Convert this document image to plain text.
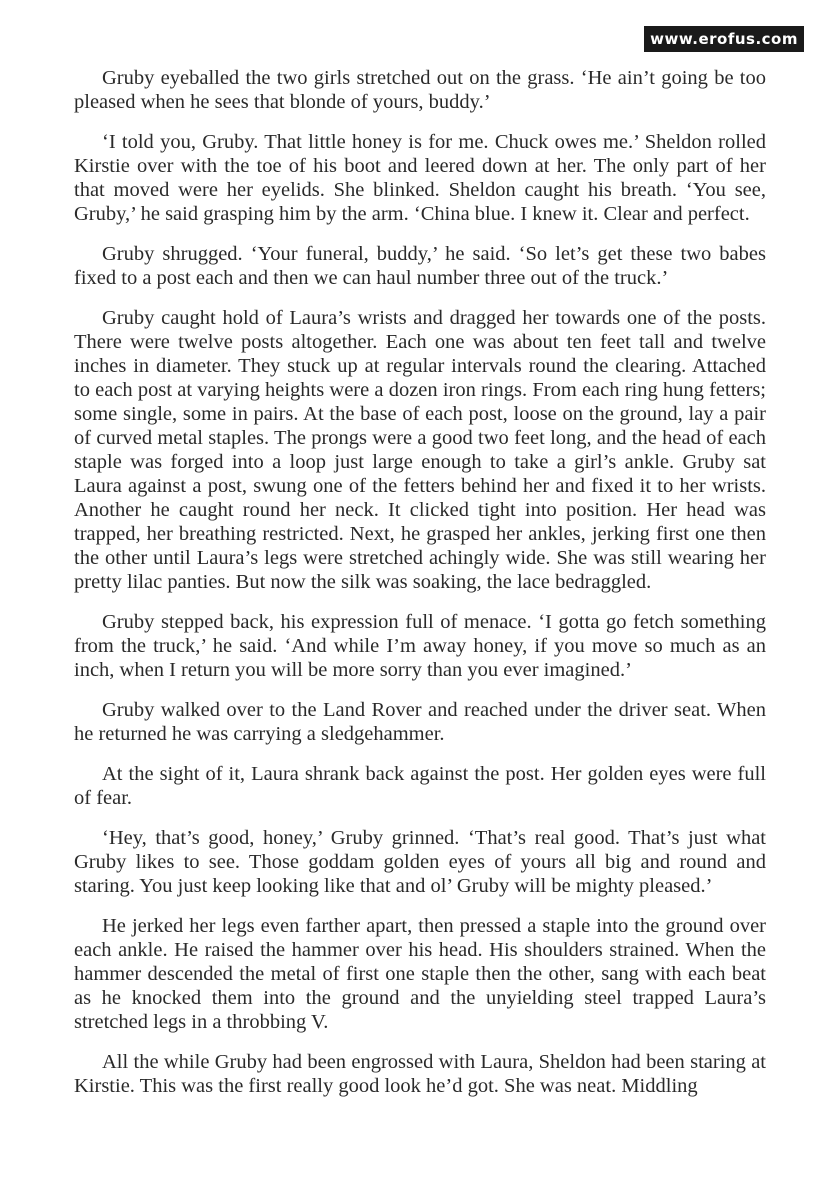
www.erofus.com

Gruby eyeballed the two girls stretched out on the grass. ‘He ain’t going be too pleased when he sees that blonde of yours, buddy.’

‘I told you, Gruby. That little honey is for me. Chuck owes me.’ Sheldon rolled Kirstie over with the toe of his boot and leered down at her. The only part of her that moved were her eyelids. She blinked. Sheldon caught his breath. ‘You see, Gruby,’ he said grasping him by the arm. ‘China blue. I knew it. Clear and perfect.

Gruby shrugged. ‘Your funeral, buddy,’ he said. ‘So let’s get these two babes fixed to a post each and then we can haul number three out of the truck.’

Gruby caught hold of Laura’s wrists and dragged her towards one of the posts. There were twelve posts altogether. Each one was about ten feet tall and twelve inches in diameter. They stuck up at regular intervals round the clearing. Attached to each post at varying heights were a dozen iron rings. From each ring hung fetters; some single, some in pairs. At the base of each post, loose on the ground, lay a pair of curved metal staples. The prongs were a good two feet long, and the head of each staple was forged into a loop just large enough to take a girl’s ankle. Gruby sat Laura against a post, swung one of the fetters behind her and fixed it to her wrists. Another he caught round her neck. It clicked tight into position. Her head was trapped, her breathing restricted. Next, he grasped her ankles, jerking first one then the other until Laura’s legs were stretched achingly wide. She was still wearing her pretty lilac panties. But now the silk was soaking, the lace bedraggled.

Gruby stepped back, his expression full of menace. ‘I gotta go fetch something from the truck,’ he said. ‘And while I’m away honey, if you move so much as an inch, when I return you will be more sorry than you ever imagined.’

Gruby walked over to the Land Rover and reached under the driver seat. When he returned he was carrying a sledgehammer.

At the sight of it, Laura shrank back against the post. Her golden eyes were full of fear.

‘Hey, that’s good, honey,’ Gruby grinned. ‘That’s real good. That’s just what Gruby likes to see. Those goddam golden eyes of yours all big and round and staring. You just keep looking like that and ol’ Gruby will be mighty pleased.’

He jerked her legs even farther apart, then pressed a staple into the ground over each ankle. He raised the hammer over his head. His shoulders strained. When the hammer descended the metal of first one staple then the other, sang with each beat as he knocked them into the ground and the unyielding steel trapped Laura’s stretched legs in a throbbing V.

All the while Gruby had been engrossed with Laura, Sheldon had been staring at Kirstie. This was the first really good look he’d got. She was neat. Middling
